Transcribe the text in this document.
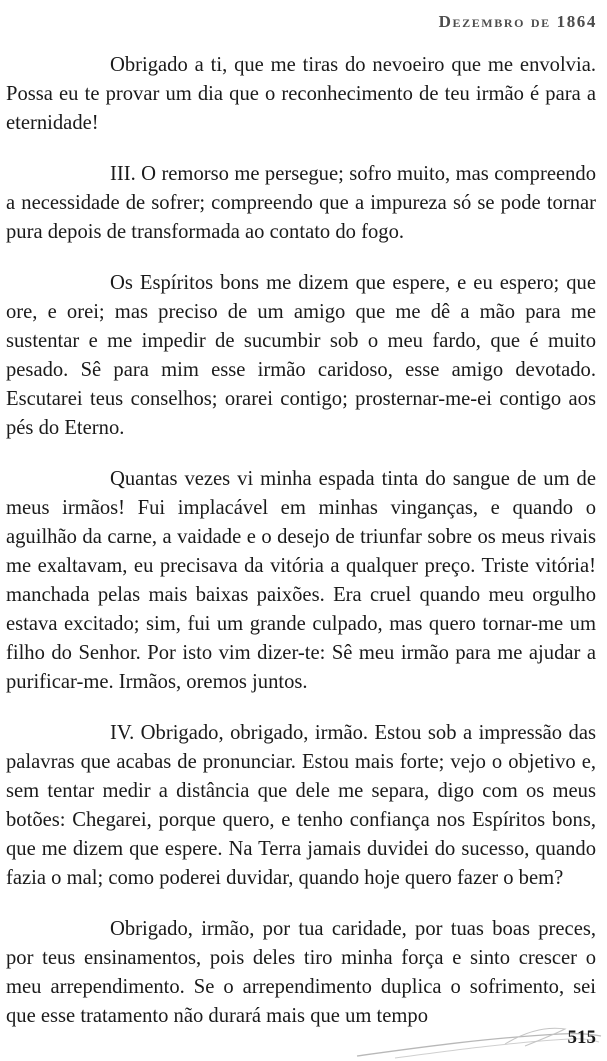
Dezembro de 1864

Obrigado a ti, que me tiras do nevoeiro que me envolvia. Possa eu te provar um dia que o reconhecimento de teu irmão é para a eternidade!

III. O remorso me persegue; sofro muito, mas compreendo a necessidade de sofrer; compreendo que a impureza só se pode tornar pura depois de transformada ao contato do fogo.

Os Espíritos bons me dizem que espere, e eu espero; que ore, e orei; mas preciso de um amigo que me dê a mão para me sustentar e me impedir de sucumbir sob o meu fardo, que é muito pesado. Sê para mim esse irmão caridoso, esse amigo devotado. Escutarei teus conselhos; orarei contigo; prosternar-me-ei contigo aos pés do Eterno.

Quantas vezes vi minha espada tinta do sangue de um de meus irmãos! Fui implacável em minhas vinganças, e quando o aguilhão da carne, a vaidade e o desejo de triunfar sobre os meus rivais me exaltavam, eu precisava da vitória a qualquer preço. Triste vitória! manchada pelas mais baixas paixões. Era cruel quando meu orgulho estava excitado; sim, fui um grande culpado, mas quero tornar-me um filho do Senhor. Por isto vim dizer-te: Sê meu irmão para me ajudar a purificar-me. Irmãos, oremos juntos.

IV. Obrigado, obrigado, irmão. Estou sob a impressão das palavras que acabas de pronunciar. Estou mais forte; vejo o objetivo e, sem tentar medir a distância que dele me separa, digo com os meus botões: Chegarei, porque quero, e tenho confiança nos Espíritos bons, que me dizem que espere. Na Terra jamais duvidei do sucesso, quando fazia o mal; como poderei duvidar, quando hoje quero fazer o bem?

Obrigado, irmão, por tua caridade, por tuas boas preces, por teus ensinamentos, pois deles tiro minha força e sinto crescer o meu arrependimento. Se o arrependimento duplica o sofrimento, sei que esse tratamento não durará mais que um tempo

515
